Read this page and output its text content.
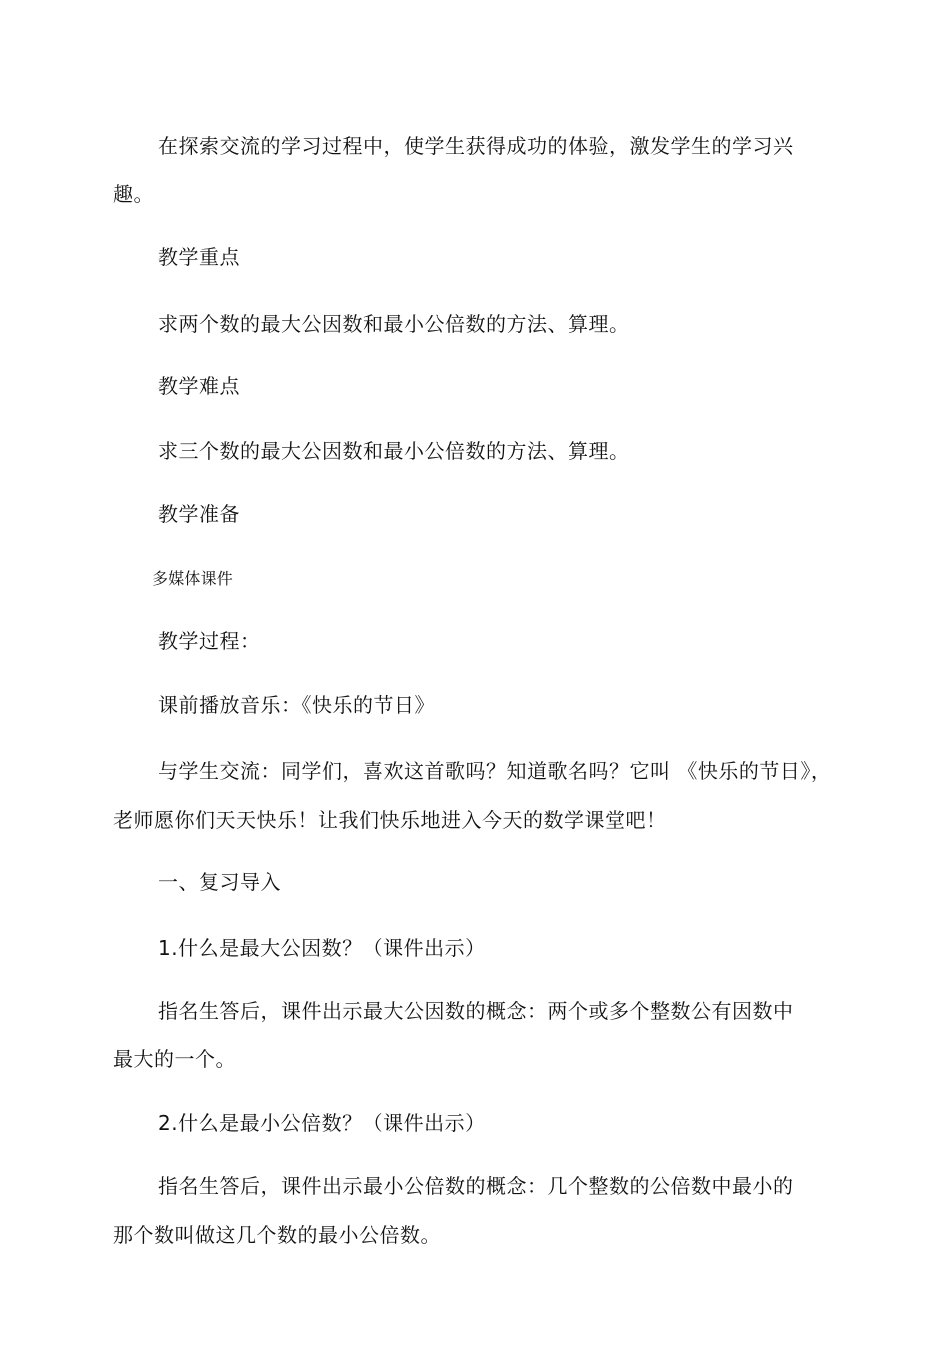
在探索交流的学习过程中，使学生获得成功的体验，激发学生的学习兴
趣。
教学重点
求两个数的最大公因数和最小公倍数的方法、算理。
教学难点
求三个数的最大公因数和最小公倍数的方法、算理。
教学准备
多媒体课件
教学过程：
课前播放音乐：《快乐的节日》
与学生交流：同学们，喜欢这首歌吗？知道歌名吗？它叫 《快乐的节日》，
老师愿你们天天快乐！让我们快乐地进入今天的数学课堂吧！
一、复习导入
1.什么是最大公因数？（课件出示）
指名生答后，课件出示最大公因数的概念：两个或多个整数公有因数中
最大的一个。
2.什么是最小公倍数？（课件出示）
指名生答后，课件出示最小公倍数的概念：几个整数的公倍数中最小的
那个数叫做这几个数的最小公倍数。
